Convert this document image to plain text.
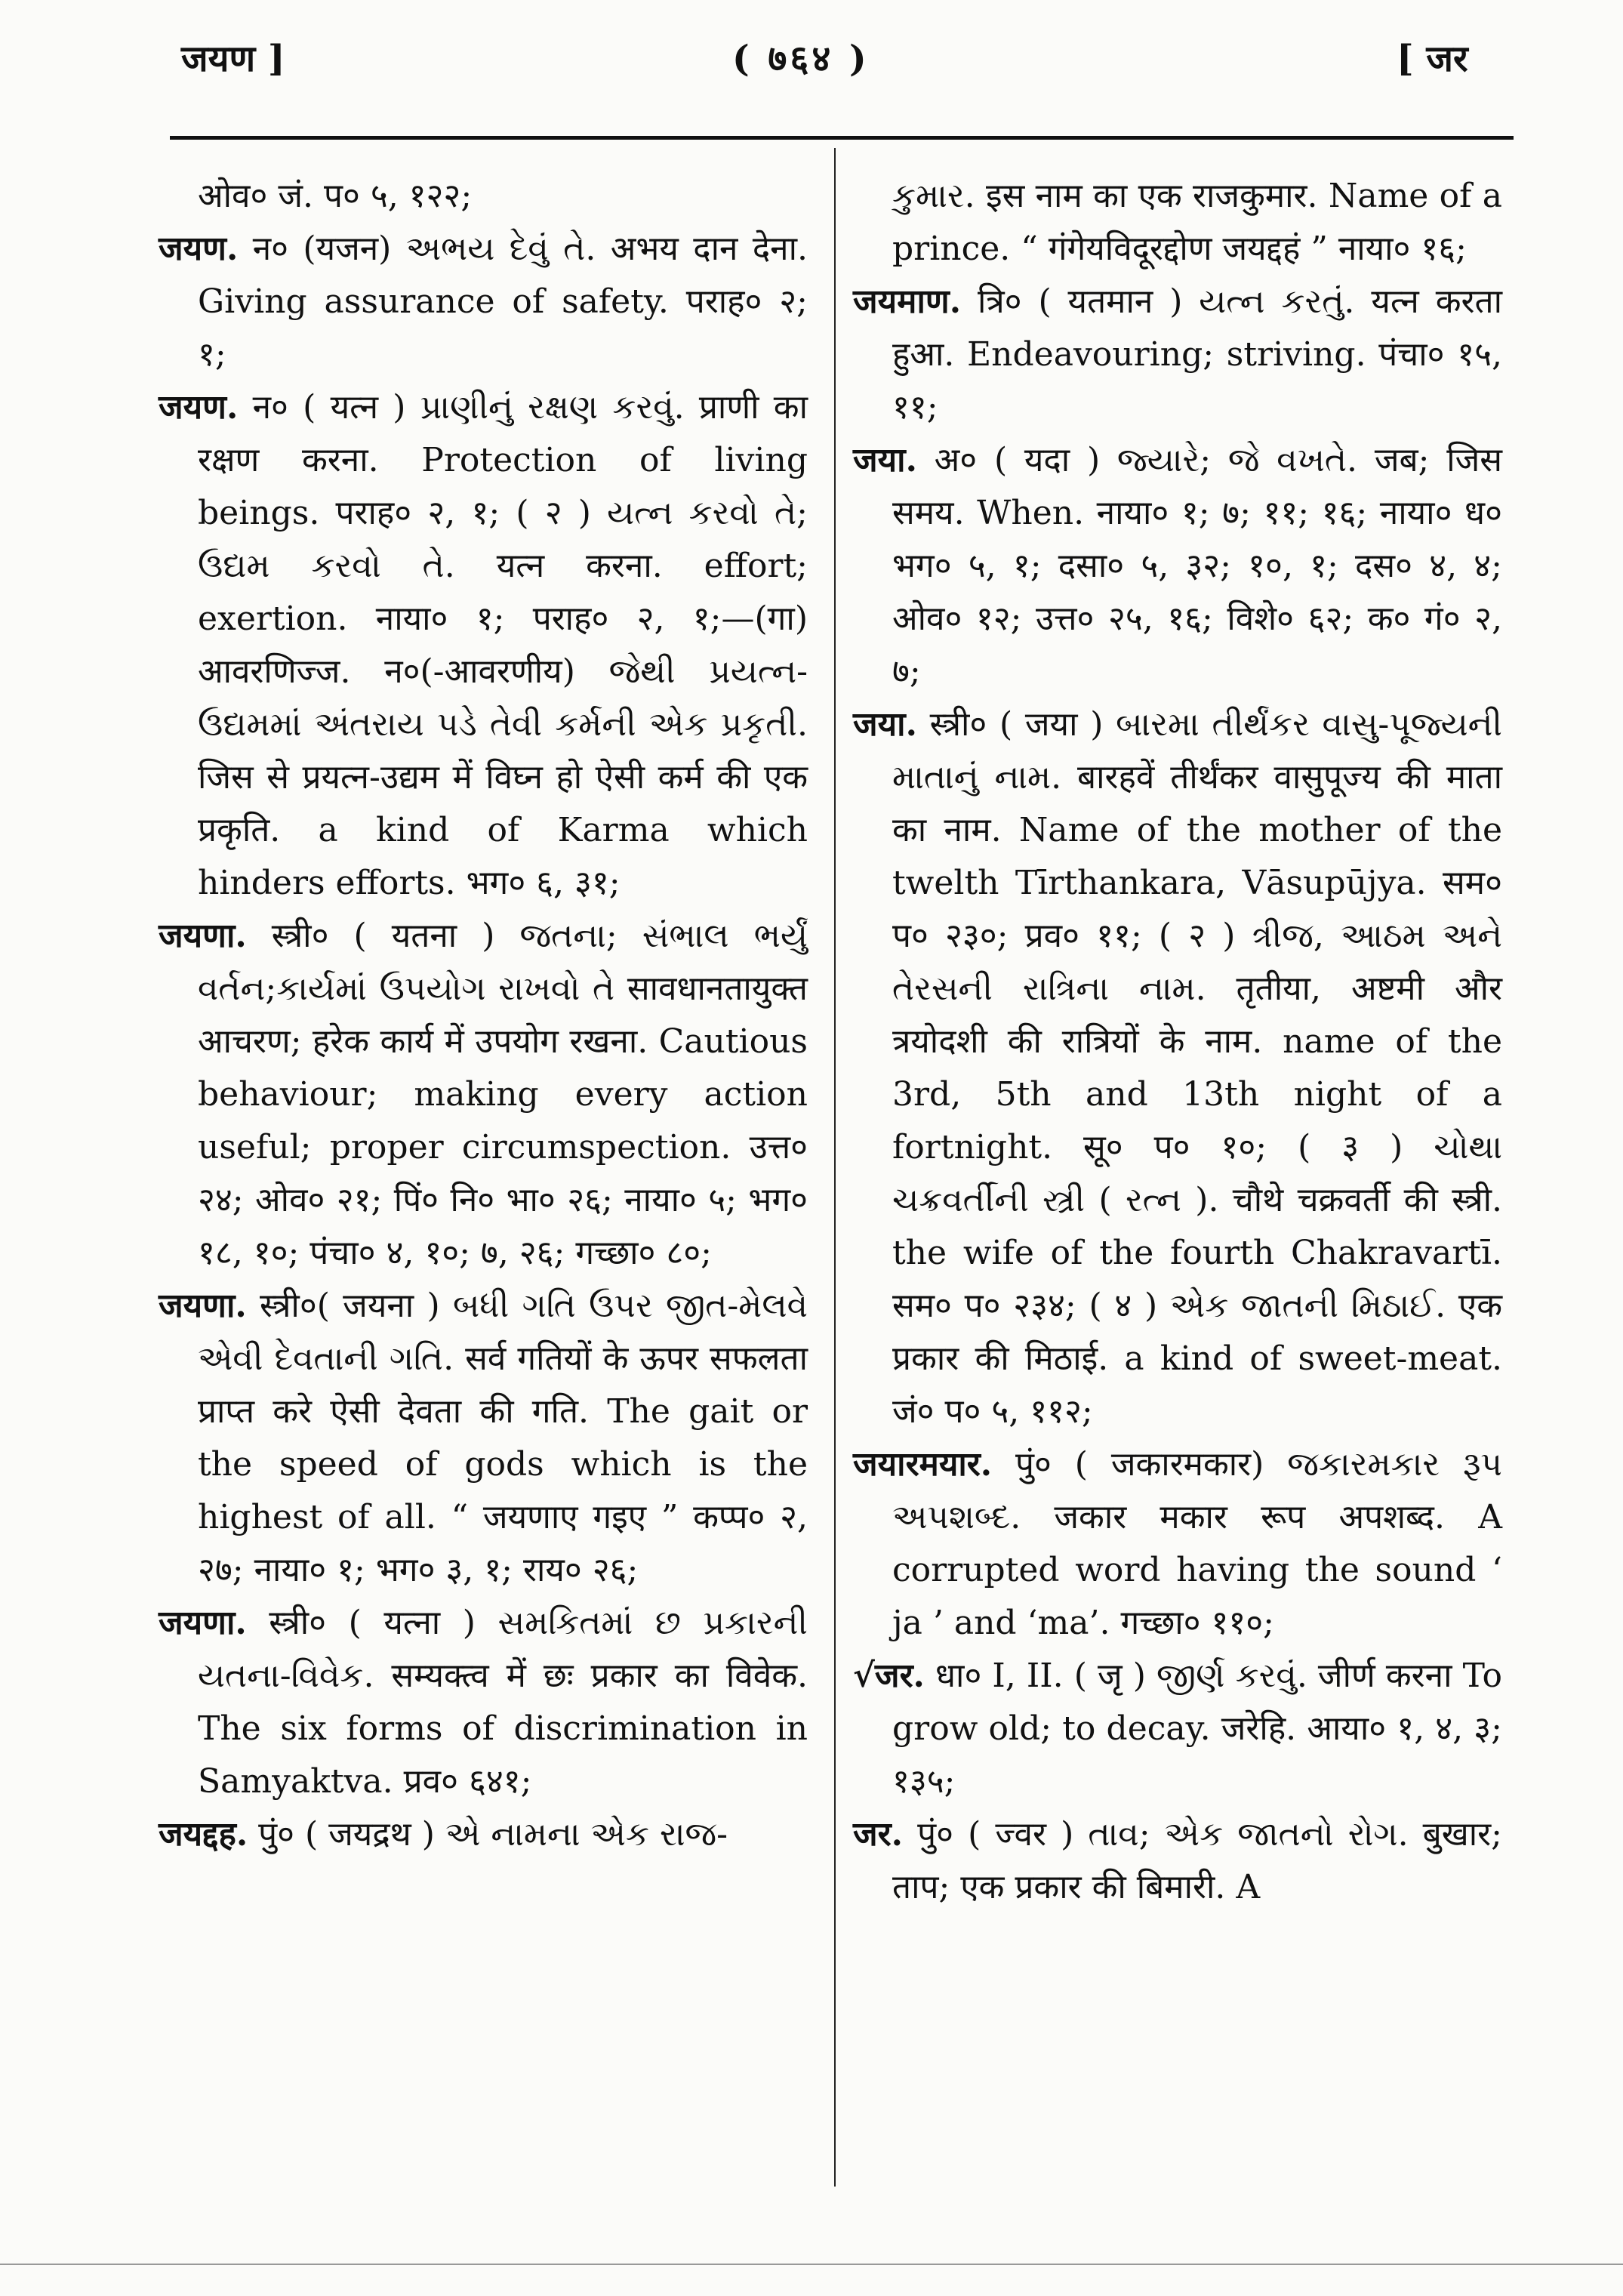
जयण ]	( ७६४ )	[ जर

ओव० जं. प० ५, १२२;

जयण. न० (यजन) અભય દેવું તે. अभय दान देना. Giving assurance of safety. पराह० २; १;

जयण. न० ( यत्न ) પ્રાણીનું રક્ષણ કરવું. प्राणी का रक्षण करना. Protection of living beings. पराह० २, १; ( २ ) યત્ન કરવો તે; ઉદ્યમ કરવો તે. यत्न करना. effort; exertion. नाया० १; पराह० २, १;—(गा) आवरणिज्ज. न०(-आवरणीय) જેથી પ્રયત્ન-ઉદ્યમમાં અંતરાય પડે તેવી કર્મની એક પ્રકૃતી. जिस से प्रयत्न-उद्यम में विघ्न हो ऐसी कर्म की एक प्रकृति. a kind of Karma which hinders efforts. भग० ६, ३१;

जयणा. स्त्री० ( यतना ) જતના; સંભાલ ભર્યું વર્તન;કાર્યમાં ઉપયોગ રાખવો તે सावधानतायुक्त आचरण; हरेक कार्य में उपयोग रखना. Cautious behaviour; making every action useful; proper circumspection. उत्त० २४; ओव० २१; पिं० नि० भा० २६; नाया० ५; भग० १८, १०; पंचा० ४, १०; ७, २६; गच्छा० ८०;

जयणा. स्त्री०( जयना ) બધી ગતિ ઉપર જીત-મેલવે એવી દેવતાની ગતિ. सर्व गतियों के ऊपर सफलता प्राप्त करे ऐसी देवता की गति. The gait or the speed of gods which is the highest of all. “ जयणाए गइए ” कप्प० २, २७; नाया० १; भग० ३, १; राय० २६;

जयणा. स्त्री० ( यत्ना ) સમકિતમાં છ પ્રકારની યતના-વિવેક. सम्यक्त्व में छः प्रकार का विवेक. The six forms of discrimination in Samyaktva. प्रव० ६४१;

जयद्दह. पुं० ( जयद्रथ ) એ નામના એક રાજ-

કુમાર. इस नाम का एक राजकुमार. Name of a prince. “ गंगेयविदूरद्दोण जयद्दहं ” नाया० १६;

जयमाण. त्रि० ( यतमान ) યત્ન કરતું. यत्न करता हुआ. Endeavouring; striving. पंचा० १५, ११;

जया. अ० ( यदा ) જ્યારે; જે વખતે. जब; जिस समय. When. नाया० १; ७; ११; १६; नाया० ध० भग० ५, १; दसा० ५, ३२; १०, १; दस० ४, ४; ओव० १२; उत्त० २५, १६; विशे० ६२; क० गं० २, ७;

जया. स्त्री० ( जया ) બારમા તીર્થંકર વાસુ-પૂજ્યની માતાનું નામ. बारहवें तीर्थंकर वासुपूज्य की माता का नाम. Name of the mother of the twelth Tīrthankara, Vāsupūjya. सम० प० २३०; प्रव० ११; ( २ ) ત્રીજ, આઠમ અને તેરસની રાત્રિના નામ. तृतीया, अष्टमी और त्रयोदशी की रात्रियों के नाम. name of the 3rd, 5th and 13th night of a fortnight. सू० प० १०; ( ३ ) ચોથા ચક્રવર્તીની સ્ત્રી ( રત્ન ). चौथे चक्रवर्ती की स्त्री. the wife of the fourth Chakravartī. सम० प० २३४; ( ४ ) એક જાતની મિઠાઈ. एक प्रकार की मिठाई. a kind of sweet-meat. जं० प० ५, ११२;

जयारमयार. पुं० ( जकारमकार) જકારમકાર રૂપ અપશબ્દ. जकार मकार रूप अपशब्द. A corrupted word having the sound ‘ ja ’ and ‘ma’. गच्छा० ११०;

√जर. धा० I, II. ( जृ ) જીર્ણ કરવું. जीर्ण करना To grow old; to decay. जरेहि. आया० १, ४, ३; १३५;

जर. पुं० ( ज्वर ) તાવ; એક જાતનો રોગ. बुखार; ताप; एक प्रकार की बिमारी. A
